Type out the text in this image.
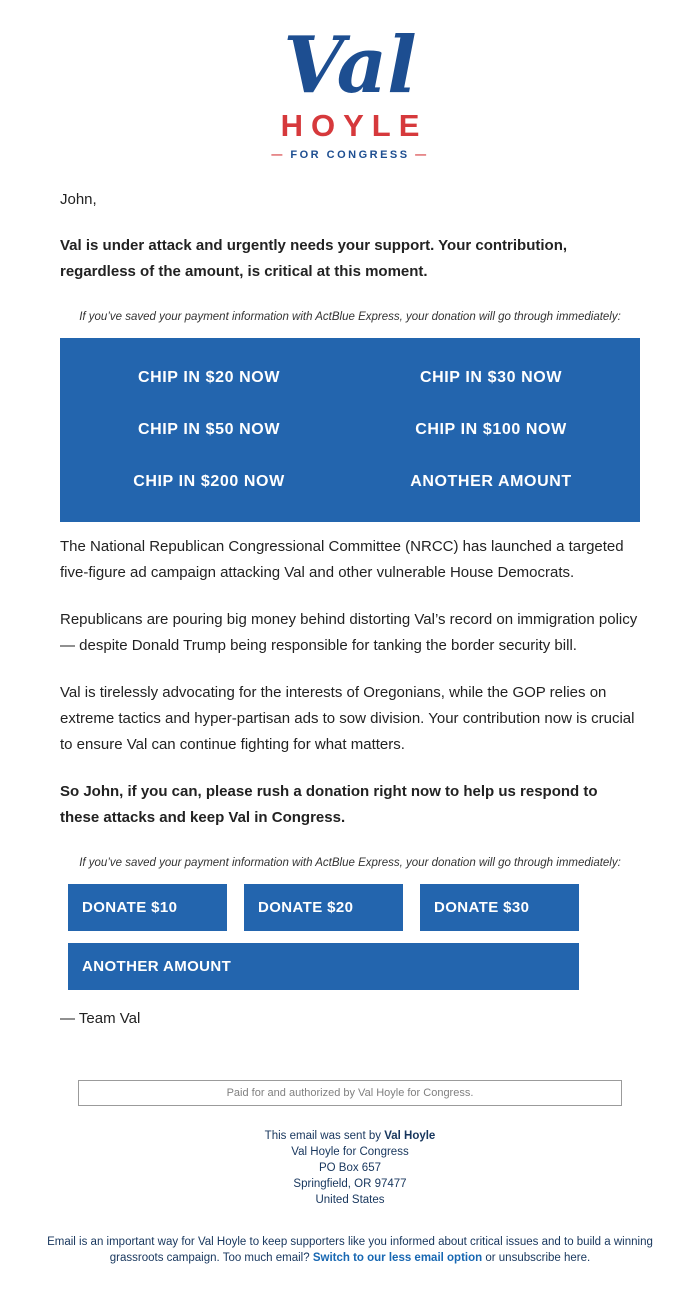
Val
HOYLE
— FOR CONGRESS —

John,

Val is under attack and urgently needs your support. Your contribution, regardless of the amount, is critical at this moment.

If you’ve saved your payment information with ActBlue Express, your donation will go through immediately:

CHIP IN $20 NOW	CHIP IN $30 NOW
CHIP IN $50 NOW	CHIP IN $100 NOW
CHIP IN $200 NOW	ANOTHER AMOUNT

The National Republican Congressional Committee (NRCC) has launched a targeted five-figure ad campaign attacking Val and other vulnerable House Democrats.

Republicans are pouring big money behind distorting Val’s record on immigration policy — despite Donald Trump being responsible for tanking the border security bill.

Val is tirelessly advocating for the interests of Oregonians, while the GOP relies on extreme tactics and hyper-partisan ads to sow division. Your contribution now is crucial to ensure Val can continue fighting for what matters.

So John, if you can, please rush a donation right now to help us respond to these attacks and keep Val in Congress.

If you’ve saved your payment information with ActBlue Express, your donation will go through immediately:

DONATE $10	DONATE $20	DONATE $30
ANOTHER AMOUNT

— Team Val

Paid for and authorized by Val Hoyle for Congress.
This email was sent by Val Hoyle
Val Hoyle for Congress
PO Box 657
Springfield, OR 97477
United States
Email is an important way for Val Hoyle to keep supporters like you informed about critical issues and to build a winning grassroots campaign. Too much email? Switch to our less email option or unsubscribe here.
